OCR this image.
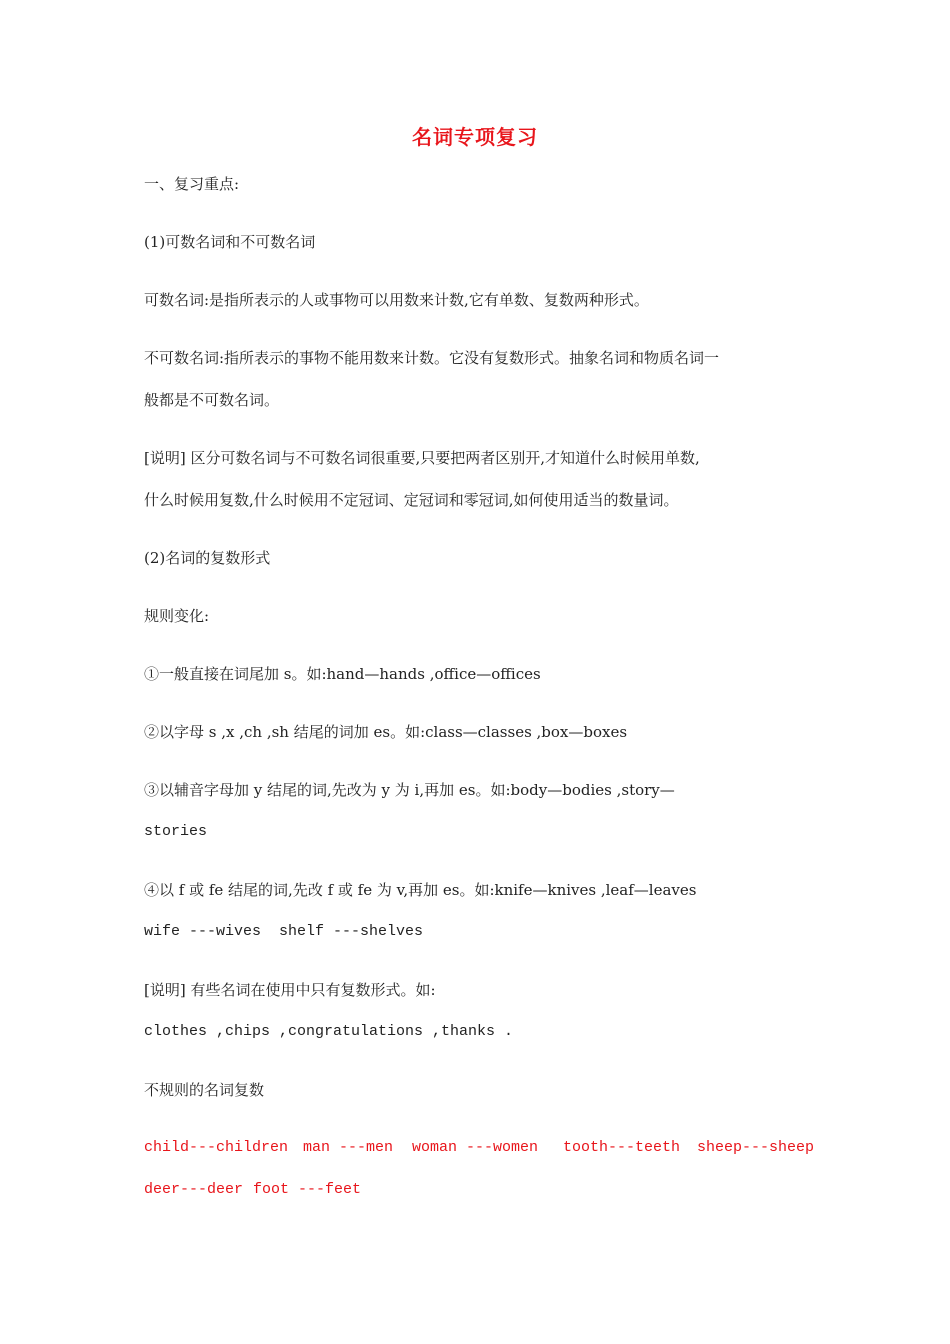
名词专项复习
一、复习重点:
(1)可数名词和不可数名词
可数名词:是指所表示的人或事物可以用数来计数,它有单数、复数两种形式。
不可数名词:指所表示的事物不能用数来计数。它没有复数形式。抽象名词和物质名词一
般都是不可数名词。
[说明] 区分可数名词与不可数名词很重要,只要把两者区别开,才知道什么时候用单数,
什么时候用复数,什么时候用不定冠词、定冠词和零冠词,如何使用适当的数量词。
(2)名词的复数形式
规则变化:
①一般直接在词尾加 s。如:hand—hands ,office—offices
②以字母 s ,x ,ch ,sh 结尾的词加 es。如:class—classes ,box—boxes
③以辅音字母加 y 结尾的词,先改为 y 为 i,再加 es。如:body—bodies ,story—
stories
④以 f 或 fe 结尾的词,先改 f 或 fe 为 v,再加 es。如:knife—knives ,leaf—leaves
wife ---wives  shelf ---shelves
[说明] 有些名词在使用中只有复数形式。如:
clothes ,chips ,congratulations ,thanks .
不规则的名词复数
child---children man ---men woman ---women tooth---teeth sheep---sheep
deer---deer foot ---feet
